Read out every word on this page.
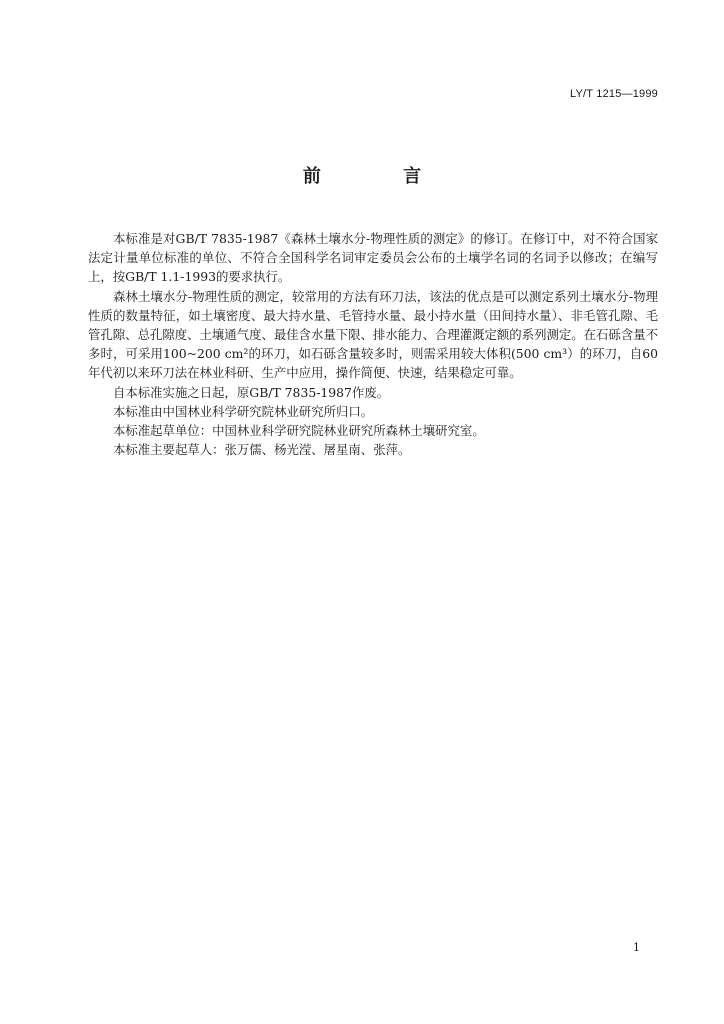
LY/T 1215—1999
前 言

本标准是对GB/T 7835-1987《森林土壤水分-物理性质的测定》的修订。在修订中，对不符合国家法定计量单位标准的单位、不符合全国科学名词审定委员会公布的土壤学名词的名词予以修改；在编写上，按GB/T 1.1-1993的要求执行。

森林土壤水分-物理性质的测定，较常用的方法有环刀法，该法的优点是可以测定系列土壤水分-物理性质的数量特征，如土壤密度、最大持水量、毛管持水量、最小持水量（田间持水量）、非毛管孔隙、毛管孔隙、总孔隙度、土壤通气度、最佳含水量下限、排水能力、合理灌溉定额的系列测定。在石砾含量不多时，可采用100~200 cm²的环刀，如石砾含量较多时，则需采用较大体积(500 cm³）的环刀，自60年代初以来环刀法在林业科研、生产中应用，操作简便、快速，结果稳定可靠。

自本标准实施之日起，原GB/T 7835-1987作废。

本标准由中国林业科学研究院林业研究所归口。

本标准起草单位：中国林业科学研究院林业研究所森林土壤研究室。

本标准主要起草人：张万儒、杨光滢、屠星南、张萍。

1
